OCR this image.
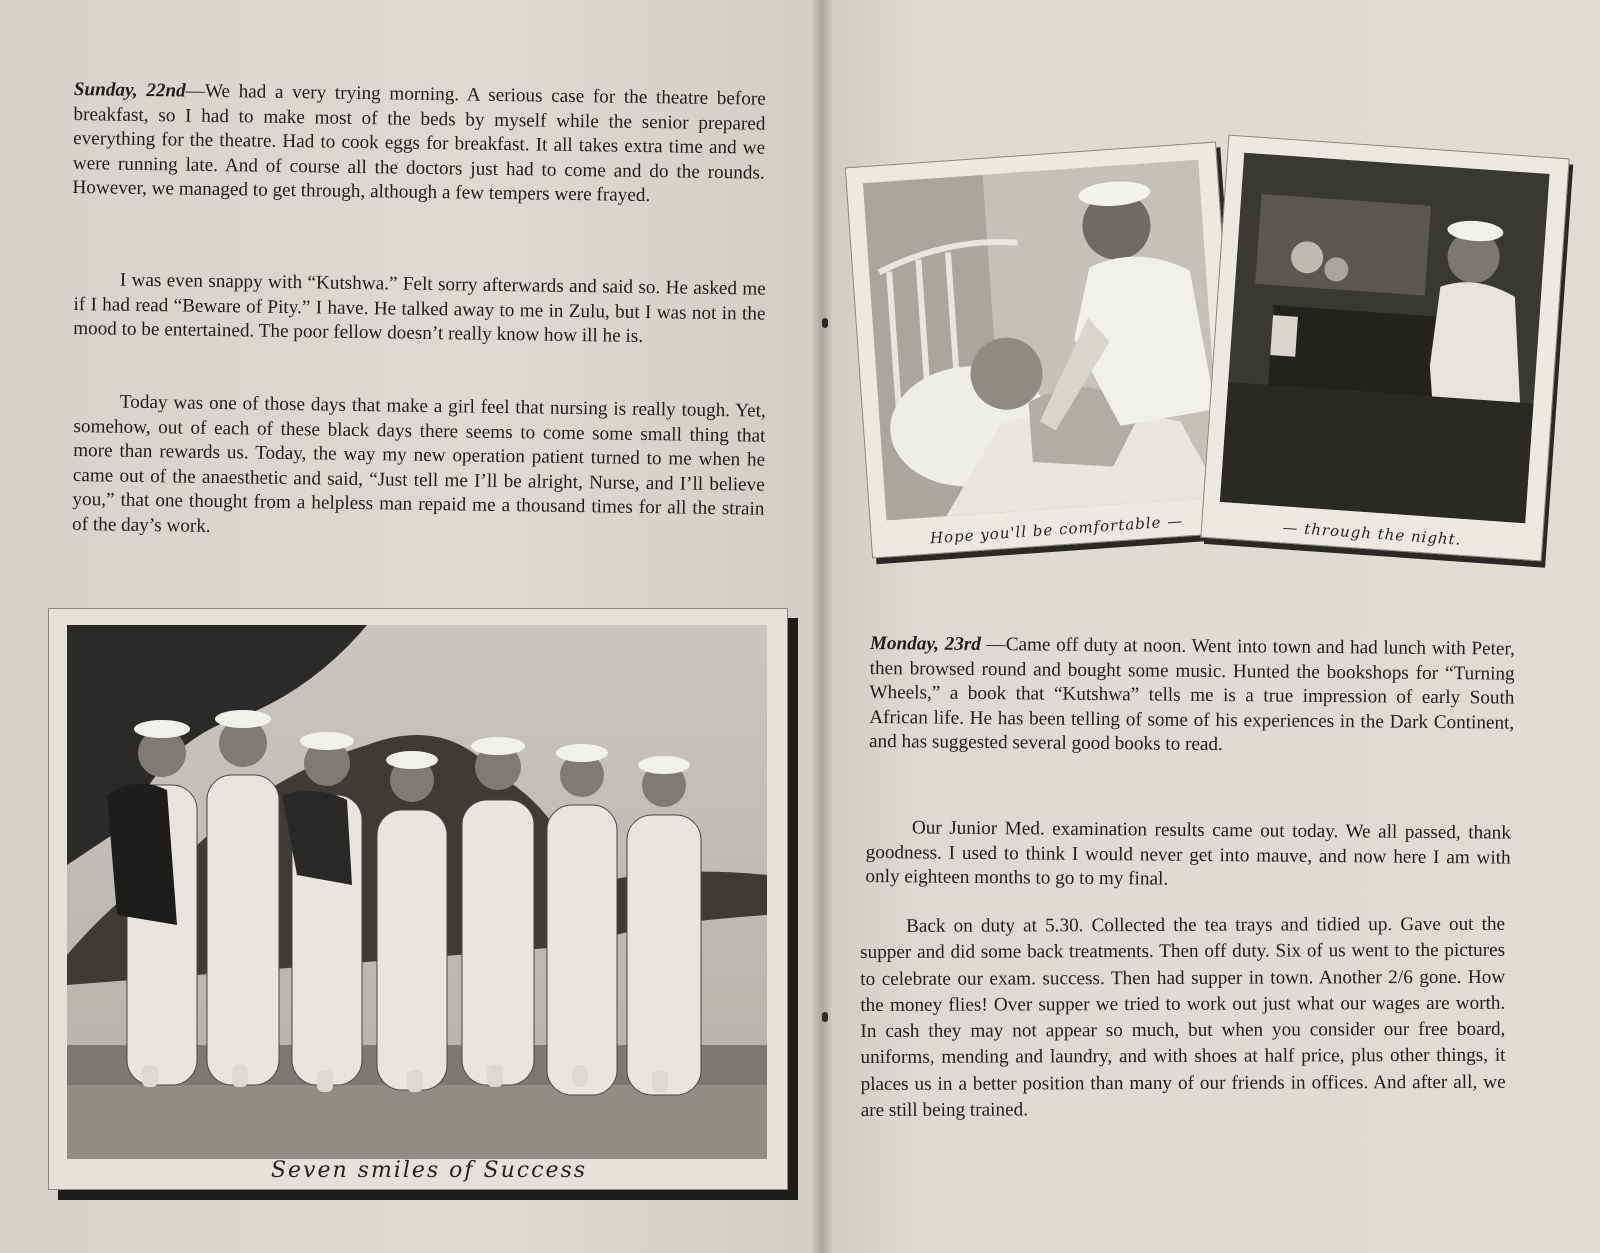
Sunday, 22nd—We had a very trying morning. A serious case for the theatre before breakfast, so I had to make most of the beds by myself while the senior prepared everything for the theatre. Had to cook eggs for breakfast. It all takes extra time and we were running late. And of course all the doctors just had to come and do the rounds. However, we managed to get through, although a few tempers were frayed.

I was even snappy with “Kutshwa.” Felt sorry afterwards and said so. He asked me if I had read “Beware of Pity.” I have. He talked away to me in Zulu, but I was not in the mood to be entertained. The poor fellow doesn’t really know how ill he is.

Today was one of those days that make a girl feel that nursing is really tough. Yet, somehow, out of each of these black days there seems to come some small thing that more than rewards us. Today, the way my new operation patient turned to me when he came out of the anaesthetic and said, “Just tell me I’ll be alright, Nurse, and I’ll believe you,” that one thought from a helpless man repaid me a thousand times for all the strain of the day’s work.

Seven smiles of Success
Hope you'll be comfortable —	— through the night.

Monday, 23rd —Came off duty at noon. Went into town and had lunch with Peter, then browsed round and bought some music. Hunted the bookshops for “Turning Wheels,” a book that “Kutshwa” tells me is a true impression of early South African life. He has been telling of some of his experiences in the Dark Continent, and has suggested several good books to read.

Our Junior Med. examination results came out today. We all passed, thank goodness. I used to think I would never get into mauve, and now here I am with only eighteen months to go to my final.

Back on duty at 5.30. Collected the tea trays and tidied up. Gave out the supper and did some back treatments. Then off duty. Six of us went to the pictures to celebrate our exam. success. Then had supper in town. Another 2/6 gone. How the money flies! Over supper we tried to work out just what our wages are worth. In cash they may not appear so much, but when you consider our free board, uniforms, mending and laundry, and with shoes at half price, plus other things, it places us in a better position than many of our friends in offices. And after all, we are still being trained.
